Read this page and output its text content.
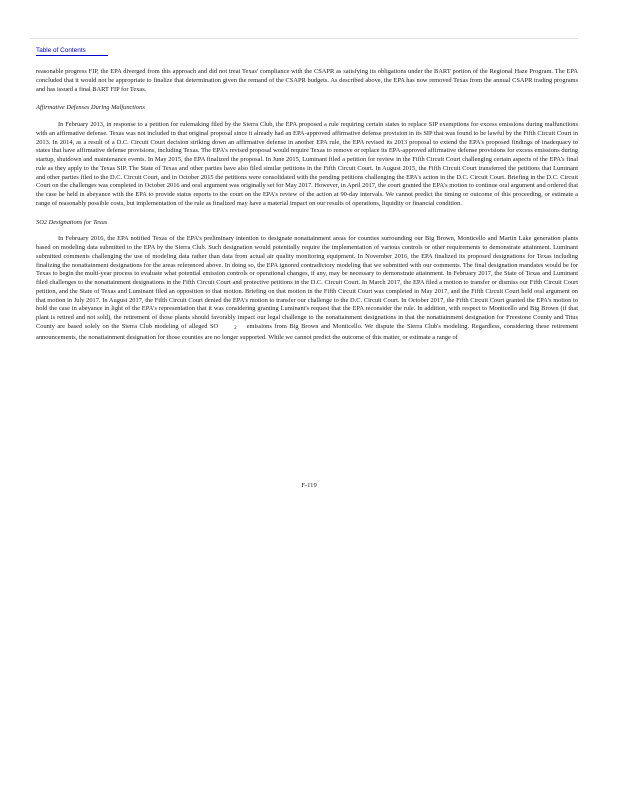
Table of Contents

reasonable progress FIP, the EPA diverged from this approach and did not treat Texas' compliance with the CSAPR as satisfying its obligations under the BART portion of the Regional Haze Program. The EPA concluded that it would not be appropriate to finalize that determination given the remand of the CSAPR budgets. As described above, the EPA has now removed Texas from the annual CSAPR trading programs and has issued a final BART FIP for Texas.

Affirmative Defenses During Malfunctions

In February 2013, in response to a petition for rulemaking filed by the Sierra Club, the EPA proposed a rule requiring certain states to replace SIP exemptions for excess emissions during malfunctions with an affirmative defense. Texas was not included in that original proposal since it already had an EPA-approved affirmative defense provision in its SIP that was found to be lawful by the Fifth Circuit Court in 2013. In 2014, as a result of a D.C. Circuit Court decision striking down an affirmative defense in another EPA rule, the EPA revised its 2013 proposal to extend the EPA's proposed findings of inadequacy to states that have affirmative defense provisions, including Texas. The EPA's revised proposal would require Texas to remove or replace its EPA-approved affirmative defense provisions for excess emissions during startup, shutdown and maintenance events. In May 2015, the EPA finalized the proposal. In June 2015, Luminant filed a petition for review in the Fifth Circuit Court challenging certain aspects of the EPA's final rule as they apply to the Texas SIP. The State of Texas and other parties have also filed similar petitions in the Fifth Circuit Court. In August 2015, the Fifth Circuit Court transferred the petitions that Luminant and other parties filed to the D.C. Circuit Court, and in October 2015 the petitions were consolidated with the pending petitions challenging the EPA's action in the D.C. Circuit Court. Briefing in the D.C. Circuit Court on the challenges was completed in October 2016 and oral argument was originally set for May 2017. However, in April 2017, the court granted the EPA's motion to continue oral argument and ordered that the case be held in abeyance with the EPA to provide status reports to the court on the EPA's review of the action at 90-day intervals. We cannot predict the timing or outcome of this proceeding, or estimate a range of reasonably possible costs, but implementation of the rule as finalized may have a material impact on our results of operations, liquidity or financial condition.

SO2 Designations for Texas

In February 2016, the EPA notified Texas of the EPA's preliminary intention to designate nonattainment areas for counties surrounding our Big Brown, Monticello and Martin Lake generation plants based on modeling data submitted to the EPA by the Sierra Club. Such designation would potentially require the implementation of various controls or other requirements to demonstrate attainment. Luminant submitted comments challenging the use of modeling data rather than data from actual air quality monitoring equipment. In November 2016, the EPA finalized its proposed designations for Texas including finalizing the nonattainment designations for the areas referenced above. In doing so, the EPA ignored contradictory modeling that we submitted with our comments. The final designation mandates would be for Texas to begin the multi-year process to evaluate what potential emission controls or operational changes, if any, may be necessary to demonstrate attainment. In February 2017, the State of Texas and Luminant filed challenges to the nonattainment designations in the Fifth Circuit Court and protective petitions in the D.C. Circuit Court. In March 2017, the EPA filed a motion to transfer or dismiss our Fifth Circuit Court petition, and the State of Texas and Luminant filed an opposition to that motion. Briefing on that motion in the Fifth Circuit Court was completed in May 2017, and the Fifth Circuit Court held oral argument on that motion in July 2017. In August 2017, the Fifth Circuit Court denied the EPA's motion to transfer our challenge to the D.C. Circuit Court. In October 2017, the Fifth Circuit Court granted the EPA's motion to hold the case in abeyance in light of the EPA's representation that it was considering granting Luminant's request that the EPA reconsider the rule. In addition, with respect to Monticello and Big Brown (if that plant is retired and not sold), the retirement of those plants should favorably impact our legal challenge to the nonattainment designations in that the nonattainment designation for Freestone County and Titus County are based solely on the Sierra Club modeling of alleged SO	$_2$ emissions from Big Brown and Monticello. We dispute the Sierra Club's modeling. Regardless, considering these retirement announcements, the nonattainment designation for those counties are no longer supported. While we cannot predict the outcome of this matter, or estimate a range of

F-119
